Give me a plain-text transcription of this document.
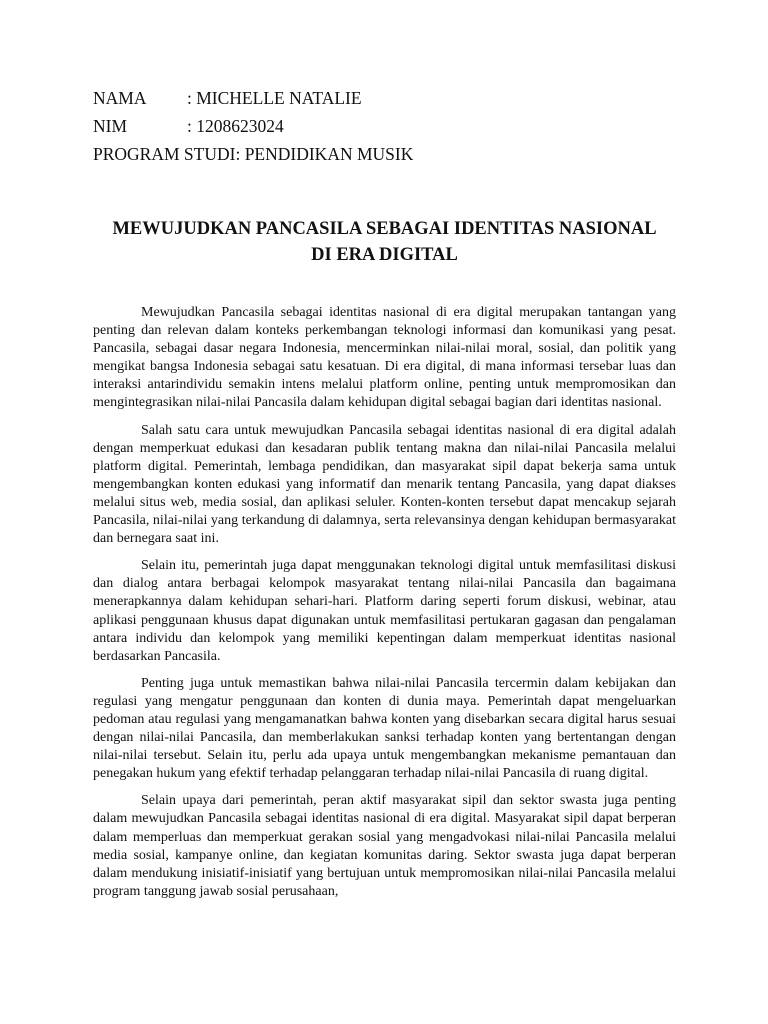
NAMA	: MICHELLE NATALIE
NIM	: 1208623024
PROGRAM STUDI: PENDIDIKAN MUSIK
MEWUJUDKAN PANCASILA SEBAGAI IDENTITAS NASIONAL DI ERA DIGITAL

Mewujudkan Pancasila sebagai identitas nasional di era digital merupakan tantangan yang penting dan relevan dalam konteks perkembangan teknologi informasi dan komunikasi yang pesat. Pancasila, sebagai dasar negara Indonesia, mencerminkan nilai-nilai moral, sosial, dan politik yang mengikat bangsa Indonesia sebagai satu kesatuan. Di era digital, di mana informasi tersebar luas dan interaksi antarindividu semakin intens melalui platform online, penting untuk mempromosikan dan mengintegrasikan nilai-nilai Pancasila dalam kehidupan digital sebagai bagian dari identitas nasional.

Salah satu cara untuk mewujudkan Pancasila sebagai identitas nasional di era digital adalah dengan memperkuat edukasi dan kesadaran publik tentang makna dan nilai-nilai Pancasila melalui platform digital. Pemerintah, lembaga pendidikan, dan masyarakat sipil dapat bekerja sama untuk mengembangkan konten edukasi yang informatif dan menarik tentang Pancasila, yang dapat diakses melalui situs web, media sosial, dan aplikasi seluler. Konten-konten tersebut dapat mencakup sejarah Pancasila, nilai-nilai yang terkandung di dalamnya, serta relevansinya dengan kehidupan bermasyarakat dan bernegara saat ini.

Selain itu, pemerintah juga dapat menggunakan teknologi digital untuk memfasilitasi diskusi dan dialog antara berbagai kelompok masyarakat tentang nilai-nilai Pancasila dan bagaimana menerapkannya dalam kehidupan sehari-hari. Platform daring seperti forum diskusi, webinar, atau aplikasi penggunaan khusus dapat digunakan untuk memfasilitasi pertukaran gagasan dan pengalaman antara individu dan kelompok yang memiliki kepentingan dalam memperkuat identitas nasional berdasarkan Pancasila.

Penting juga untuk memastikan bahwa nilai-nilai Pancasila tercermin dalam kebijakan dan regulasi yang mengatur penggunaan dan konten di dunia maya. Pemerintah dapat mengeluarkan pedoman atau regulasi yang mengamanatkan bahwa konten yang disebarkan secara digital harus sesuai dengan nilai-nilai Pancasila, dan memberlakukan sanksi terhadap konten yang bertentangan dengan nilai-nilai tersebut. Selain itu, perlu ada upaya untuk mengembangkan mekanisme pemantauan dan penegakan hukum yang efektif terhadap pelanggaran terhadap nilai-nilai Pancasila di ruang digital.

Selain upaya dari pemerintah, peran aktif masyarakat sipil dan sektor swasta juga penting dalam mewujudkan Pancasila sebagai identitas nasional di era digital. Masyarakat sipil dapat berperan dalam memperluas dan memperkuat gerakan sosial yang mengadvokasi nilai-nilai Pancasila melalui media sosial, kampanye online, dan kegiatan komunitas daring. Sektor swasta juga dapat berperan dalam mendukung inisiatif-inisiatif yang bertujuan untuk mempromosikan nilai-nilai Pancasila melalui program tanggung jawab sosial perusahaan,
